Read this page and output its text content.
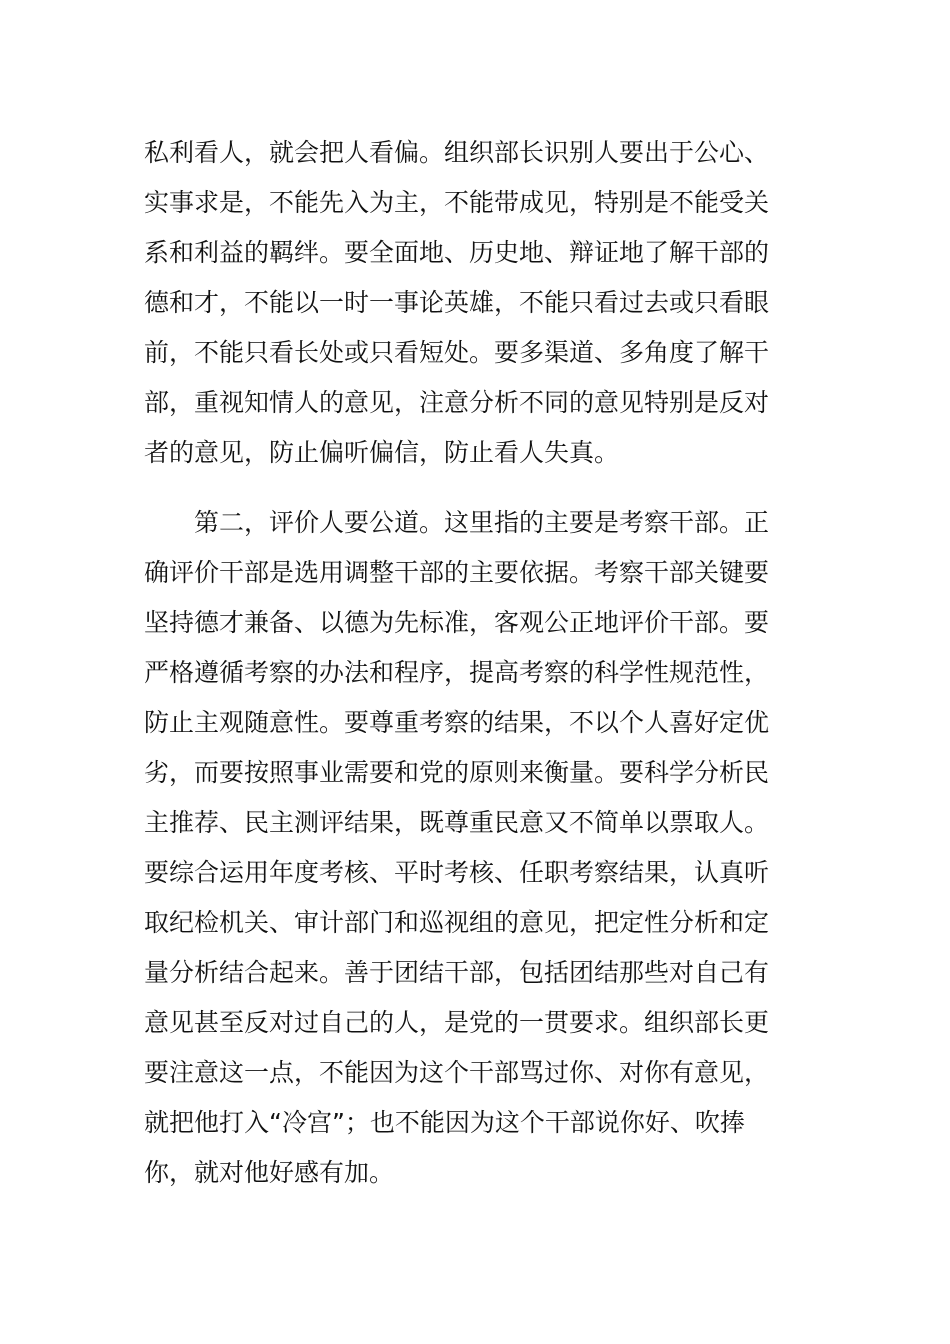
私利看人，就会把人看偏。组织部长识别人要出于公心、
实事求是，不能先入为主，不能带成见，特别是不能受关
系和利益的羁绊。要全面地、历史地、辩证地了解干部的
德和才，不能以一时一事论英雄，不能只看过去或只看眼
前，不能只看长处或只看短处。要多渠道、多角度了解干
部，重视知情人的意见，注意分析不同的意见特别是反对
者的意见，防止偏听偏信，防止看人失真。
　　第二，评价人要公道。这里指的主要是考察干部。正
确评价干部是选用调整干部的主要依据。考察干部关键要
坚持德才兼备、以德为先标准，客观公正地评价干部。要
严格遵循考察的办法和程序，提高考察的科学性规范性，
防止主观随意性。要尊重考察的结果，不以个人喜好定优
劣，而要按照事业需要和党的原则来衡量。要科学分析民
主推荐、民主测评结果，既尊重民意又不简单以票取人。
要综合运用年度考核、平时考核、任职考察结果，认真听
取纪检机关、审计部门和巡视组的意见，把定性分析和定
量分析结合起来。善于团结干部，包括团结那些对自己有
意见甚至反对过自己的人，是党的一贯要求。组织部长更
要注意这一点，不能因为这个干部骂过你、对你有意见，
就把他打入“冷宫”；也不能因为这个干部说你好、吹捧
你，就对他好感有加。
